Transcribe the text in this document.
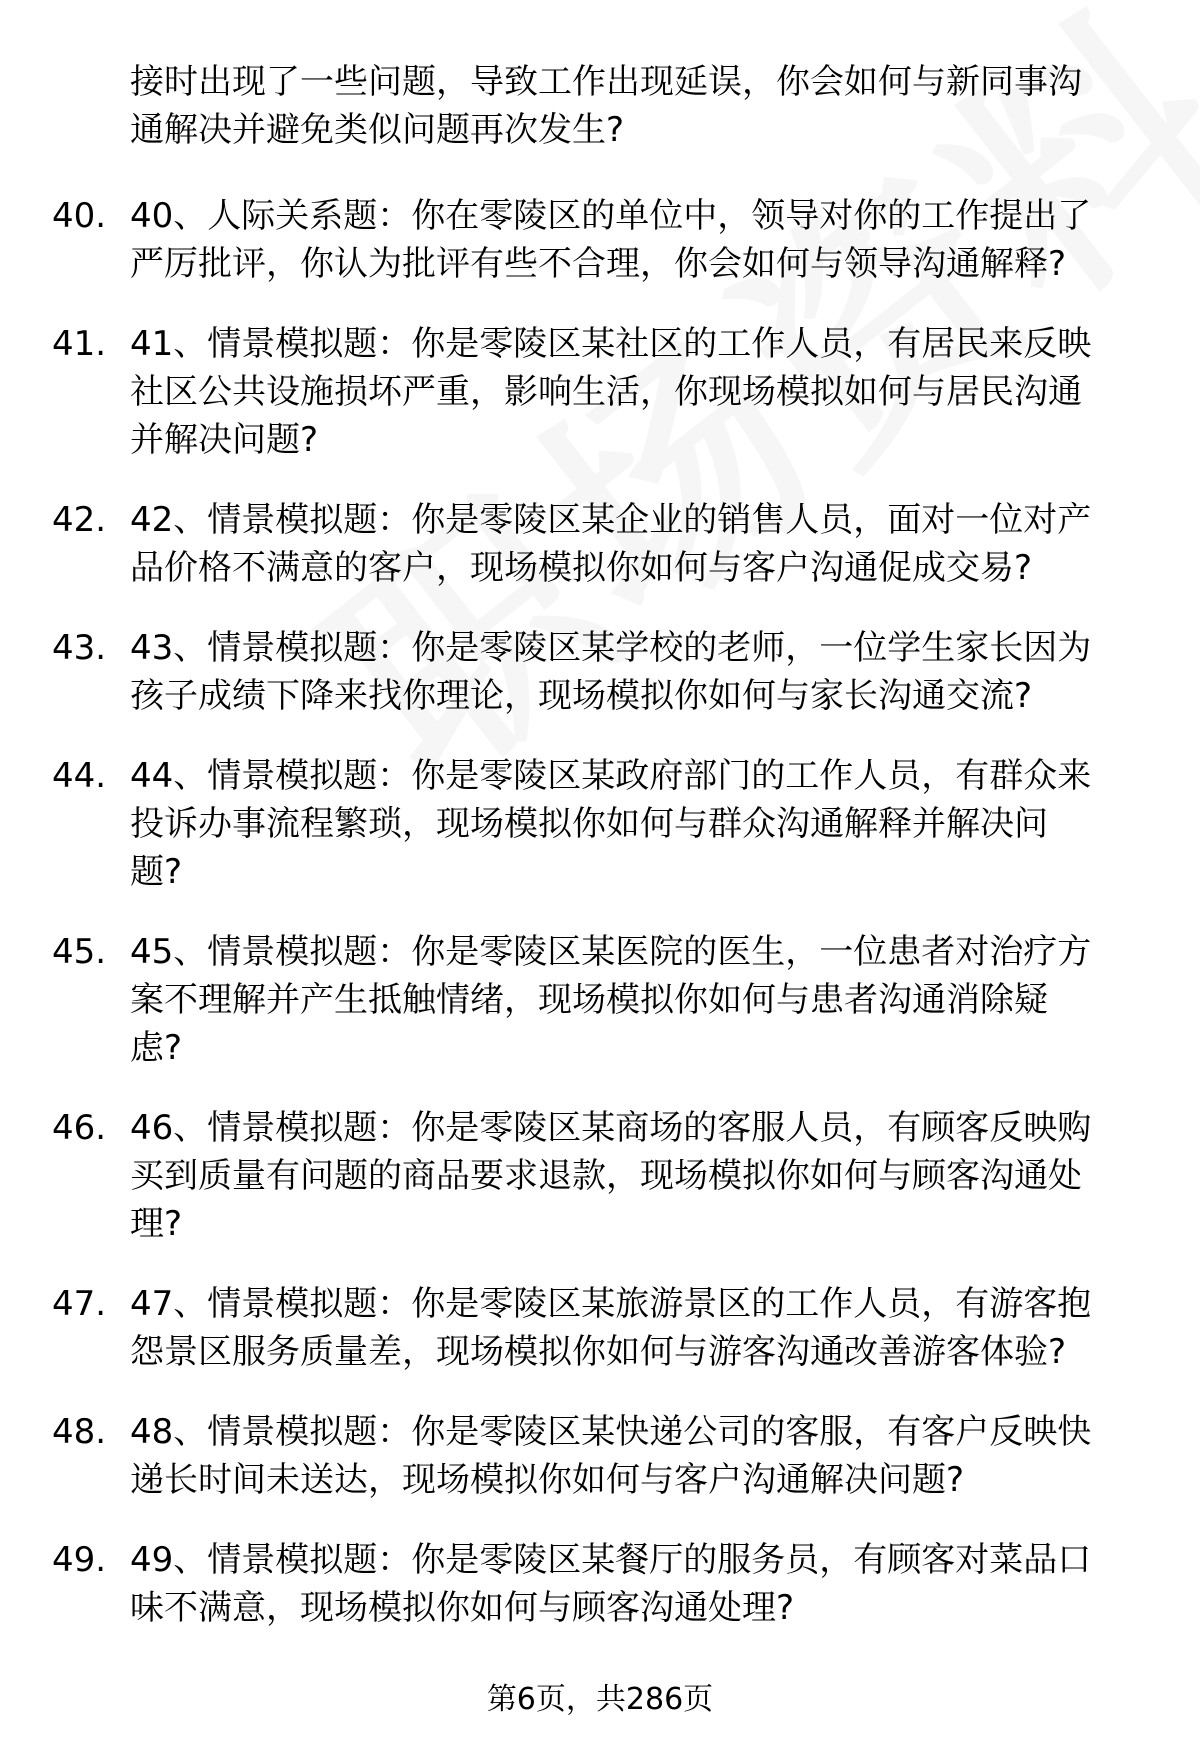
接时出现了一些问题，导致工作出现延误，你会如何与新同事沟
通解决并避免类似问题再次发生?
40. 40、人际关系题：你在零陵区的单位中，领导对你的工作提出了
严厉批评，你认为批评有些不合理，你会如何与领导沟通解释?
41. 41、情景模拟题：你是零陵区某社区的工作人员，有居民来反映
社区公共设施损坏严重，影响生活，你现场模拟如何与居民沟通
并解决问题?
42. 42、情景模拟题：你是零陵区某企业的销售人员，面对一位对产
品价格不满意的客户，现场模拟你如何与客户沟通促成交易?
43. 43、情景模拟题：你是零陵区某学校的老师，一位学生家长因为
孩子成绩下降来找你理论，现场模拟你如何与家长沟通交流?
44. 44、情景模拟题：你是零陵区某政府部门的工作人员，有群众来
投诉办事流程繁琐，现场模拟你如何与群众沟通解释并解决问
题?
45. 45、情景模拟题：你是零陵区某医院的医生，一位患者对治疗方
案不理解并产生抵触情绪，现场模拟你如何与患者沟通消除疑
虑?
46. 46、情景模拟题：你是零陵区某商场的客服人员，有顾客反映购
买到质量有问题的商品要求退款，现场模拟你如何与顾客沟通处
理?
47. 47、情景模拟题：你是零陵区某旅游景区的工作人员，有游客抱
怨景区服务质量差，现场模拟你如何与游客沟通改善游客体验?
48. 48、情景模拟题：你是零陵区某快递公司的客服，有客户反映快
递长时间未送达，现场模拟你如何与客户沟通解决问题?
49. 49、情景模拟题：你是零陵区某餐厅的服务员，有顾客对菜品口
味不满意，现场模拟你如何与顾客沟通处理?
第6页，共286页
